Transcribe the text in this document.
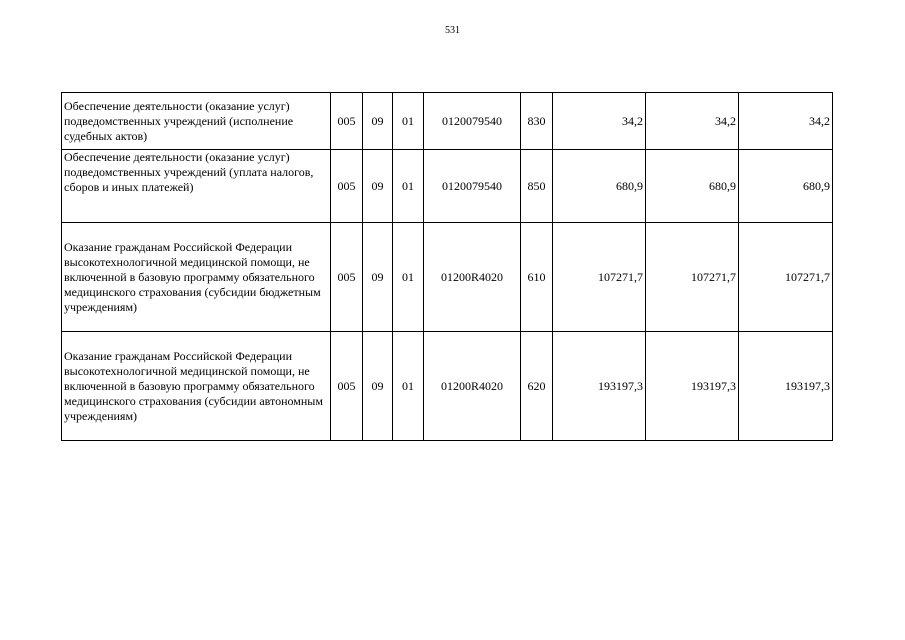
531
Обеспечение деятельности (оказание услуг) подведомственных учреждений (исполнение судебных актов)	005	09	01	0120079540	830	34,2	34,2	34,2
Обеспечение деятельности (оказание услуг) подведомственных учреждений (уплата налогов, сборов и иных платежей)	005	09	01	0120079540	850	680,9	680,9	680,9
Оказание гражданам Российской Федерации высокотехнологичной медицинской помощи, не включенной в базовую программу обязательного медицинского страхования (субсидии бюджетным учреждениям)	005	09	01	01200R4020	610	107271,7	107271,7	107271,7
Оказание гражданам Российской Федерации высокотехнологичной медицинской помощи, не включенной в базовую программу обязательного медицинского страхования (субсидии автономным учреждениям)	005	09	01	01200R4020	620	193197,3	193197,3	193197,3
